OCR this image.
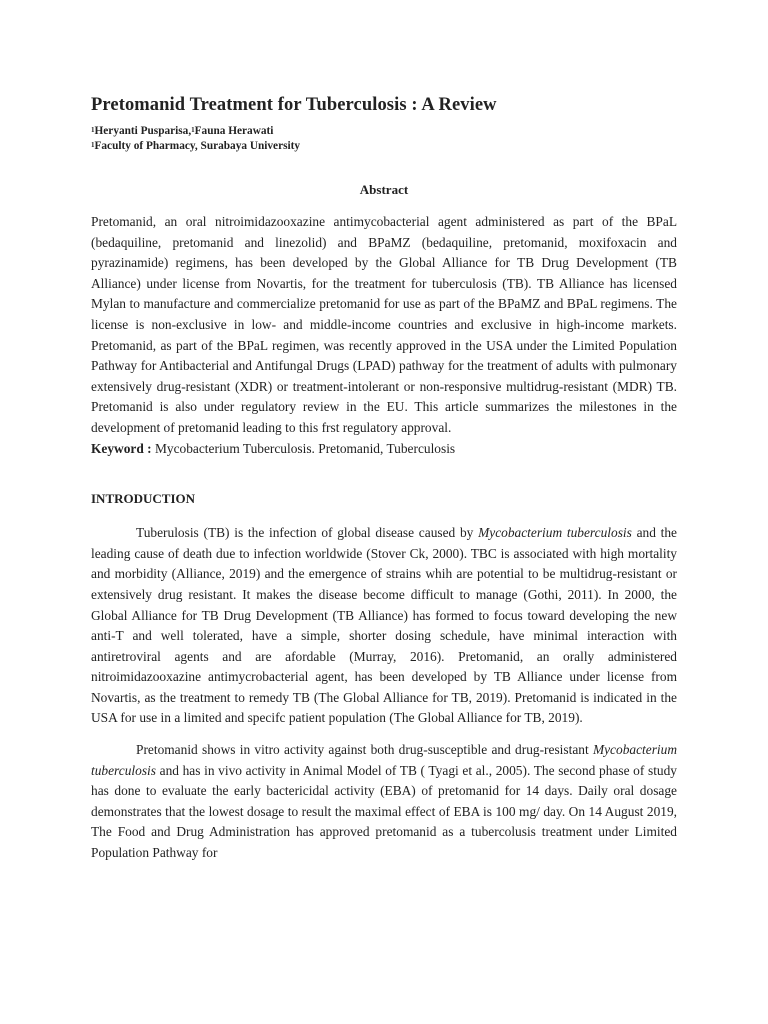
Pretomanid Treatment for Tuberculosis : A Review
$^1$Heryanti Pusparisa,$^1$Fauna Herawati
$^1$Faculty of Pharmacy, Surabaya University
Abstract
Pretomanid, an oral nitroimidazooxazine antimycobacterial agent administered as part of the BPaL (bedaquiline, pretomanid and linezolid) and BPaMZ (bedaquiline, pretomanid, moxifoxacin and pyrazinamide) regimens, has been developed by the Global Alliance for TB Drug Development (TB Alliance) under license from Novartis, for the treatment for tuberculosis (TB). TB Alliance has licensed Mylan to manufacture and commercialize pretomanid for use as part of the BPaMZ and BPaL regimens. The license is non-exclusive in low- and middle-income countries and exclusive in high-income markets. Pretomanid, as part of the BPaL regimen, was recently approved in the USA under the Limited Population Pathway for Antibacterial and Antifungal Drugs (LPAD) pathway for the treatment of adults with pulmonary extensively drug-resistant (XDR) or treatment-intolerant or non-responsive multidrug-resistant (MDR) TB. Pretomanid is also under regulatory review in the EU. This article summarizes the milestones in the development of pretomanid leading to this frst regulatory approval.
Keyword : Mycobacterium Tuberculosis. Pretomanid, Tuberculosis
INTRODUCTION

Tuberulosis (TB) is the infection of global disease caused by Mycobacterium tuberculosis and the leading cause of death due to infection worldwide (Stover Ck, 2000). TBC is associated with high mortality and morbidity (Alliance, 2019) and the emergence of strains whih are potential to be multidrug-resistant or extensively drug resistant. It makes the disease become difficult to manage (Gothi, 2011). In 2000, the Global Alliance for TB Drug Development (TB Alliance) has formed to focus toward developing the new anti-T and well tolerated, have a simple, shorter dosing schedule, have minimal interaction with antiretroviral agents and are afordable (Murray, 2016). Pretomanid, an orally administered nitroimidazooxazine antimycrobacterial agent, has been developed by TB Alliance under license from Novartis, as the treatment to remedy TB (The Global Alliance for TB, 2019). Pretomanid is indicated in the USA for use in a limited and specifc patient population (The Global Alliance for TB, 2019).

Pretomanid shows in vitro activity against both drug-susceptible and drug-resistant Mycobacterium tuberculosis and has in vivo activity in Animal Model of TB ( Tyagi et al., 2005). The second phase of study has done to evaluate the early bactericidal activity (EBA) of pretomanid for 14 days. Daily oral dosage demonstrates that the lowest dosage to result the maximal effect of EBA is 100 mg/ day. On 14 August 2019, The Food and Drug Administration has approved pretomanid as a tubercolusis treatment under Limited Population Pathway for
